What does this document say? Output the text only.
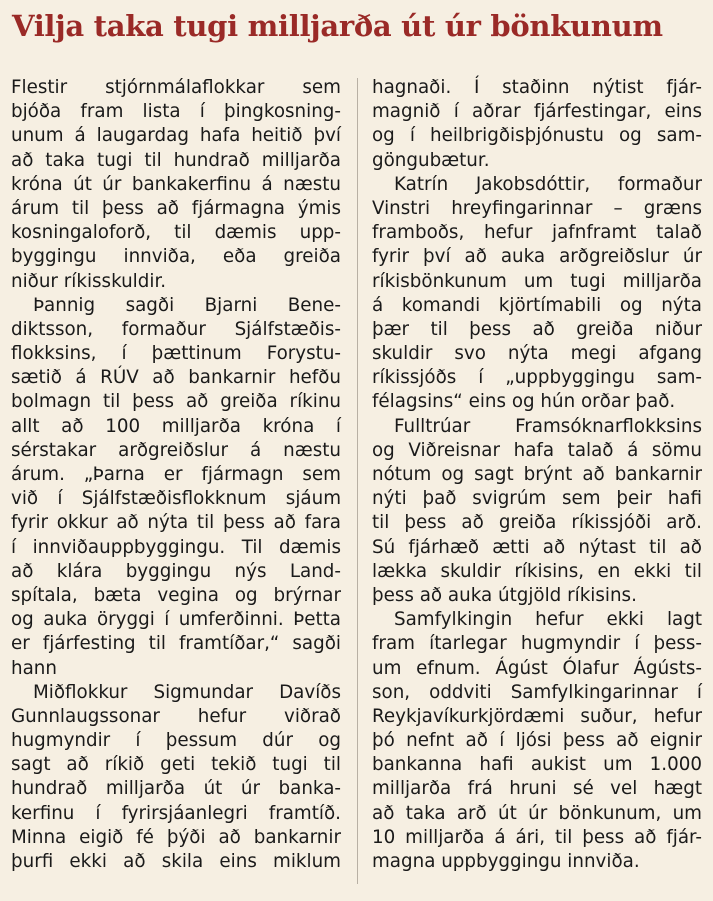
Vilja taka tugi milljarða út úr bönkunum
Flestir stjórnmálaflokkar sem
bjóða fram lista í þingkosning-
unum á laugardag hafa heitið því
að taka tugi til hundrað milljarða
króna út úr bankakerfinu á næstu
árum til þess að fjármagna ýmis
kosningaloforð, til dæmis upp-
byggingu innviða, eða greiða
niður ríkisskuldir.
Þannig sagði Bjarni Bene-
diktsson, formaður Sjálfstæðis-
flokksins, í þættinum Forystu-
sætið á RÚV að bankarnir hefðu
bolmagn til þess að greiða ríkinu
allt að 100 milljarða króna í
sérstakar arðgreiðslur á næstu
árum. „Þarna er fjármagn sem
við í Sjálfstæðisflokknum sjáum
fyrir okkur að nýta til þess að fara
í innviðauppbyggingu. Til dæmis
að klára byggingu nýs Land-
spítala, bæta vegina og brýrnar
og auka öryggi í umferðinni. Þetta
er fjárfesting til framtíðar,“ sagði
hann
Miðflokkur Sigmundar Davíðs
Gunnlaugssonar hefur viðrað
hugmyndir í þessum dúr og
sagt að ríkið geti tekið tugi til
hundrað milljarða út úr banka-
kerfinu í fyrirsjáanlegri framtíð.
Minna eigið fé þýði að bankarnir
þurfi ekki að skila eins miklum
hagnaði. Í staðinn nýtist fjár-
magnið í aðrar fjárfestingar, eins
og í heilbrigðisþjónustu og sam-
göngubætur.
Katrín Jakobsdóttir, formaður
Vinstri hreyfingarinnar – græns
framboðs, hefur jafnframt talað
fyrir því að auka arðgreiðslur úr
ríkisbönkunum um tugi milljarða
á komandi kjörtímabili og nýta
þær til þess að greiða niður
skuldir svo nýta megi afgang
ríkissjóðs í „uppbyggingu sam-
félagsins“ eins og hún orðar það.
Fulltrúar Framsóknarflokksins
og Viðreisnar hafa talað á sömu
nótum og sagt brýnt að bankarnir
nýti það svigrúm sem þeir hafi
til þess að greiða ríkissjóði arð.
Sú fjárhæð ætti að nýtast til að
lækka skuldir ríkisins, en ekki til
þess að auka útgjöld ríkisins.
Samfylkingin hefur ekki lagt
fram ítarlegar hugmyndir í þess-
um efnum. Ágúst Ólafur Ágústs-
son, oddviti Samfylkingarinnar í
Reykjavíkurkjördæmi suður, hefur
þó nefnt að í ljósi þess að eignir
bankanna hafi aukist um 1.000
milljarða frá hruni sé vel hægt
að taka arð út úr bönkunum, um
10 milljarða á ári, til þess að fjár-
magna uppbyggingu innviða.
